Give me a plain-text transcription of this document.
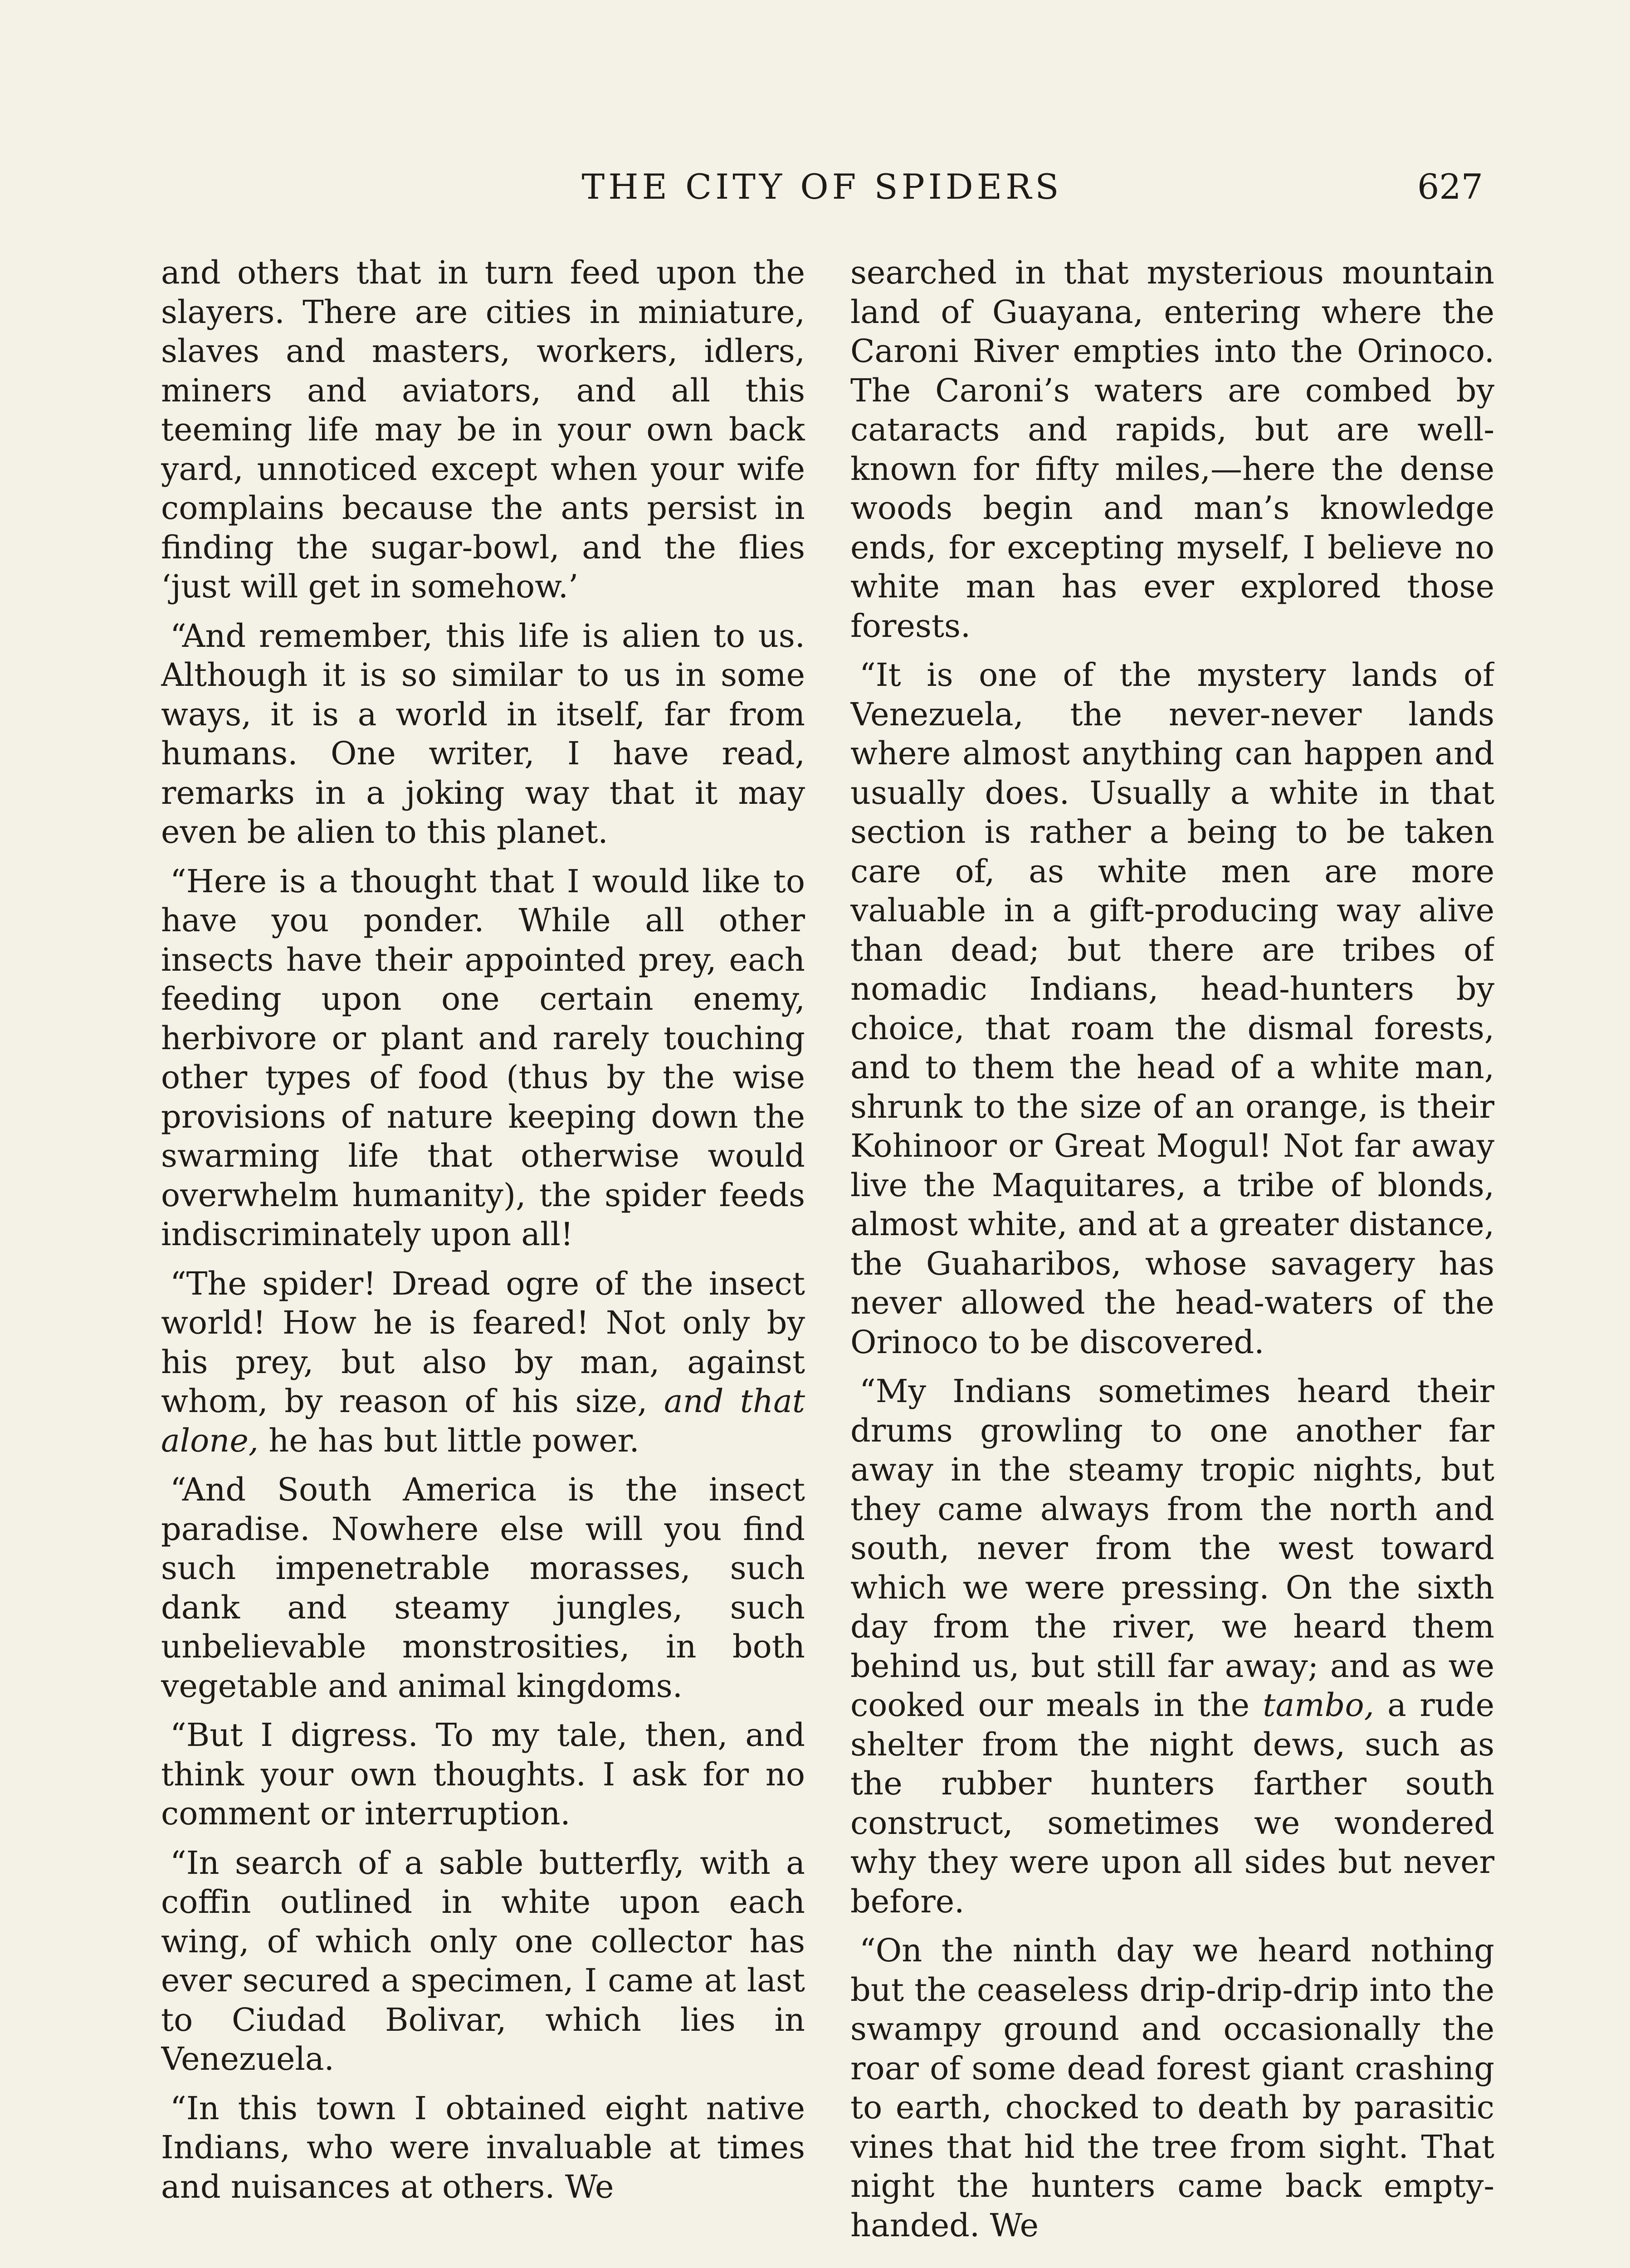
THE CITY OF SPIDERS	627

and others that in turn feed upon the slayers. There are cities in miniature, slaves and masters, workers, idlers, miners and aviators, and all this teeming life may be in your own back yard, unnoticed except when your wife complains because the ants persist in finding the sugar-bowl, and the flies ‘just will get in somehow.’

“And remember, this life is alien to us. Although it is so similar to us in some ways, it is a world in itself, far from humans. One writer, I have read, remarks in a joking way that it may even be alien to this planet.

“Here is a thought that I would like to have you ponder. While all other insects have their appointed prey, each feeding upon one certain enemy, herbivore or plant and rarely touching other types of food (thus by the wise provisions of nature keeping down the swarming life that otherwise would overwhelm humanity), the spider feeds indiscriminately upon all!

“The spider! Dread ogre of the insect world! How he is feared! Not only by his prey, but also by man, against whom, by reason of his size, and that alone, he has but little power.

“And South America is the insect paradise. Nowhere else will you find such impenetrable morasses, such dank and steamy jungles, such unbelievable monstrosities, in both vegetable and animal kingdoms.

“But I digress. To my tale, then, and think your own thoughts. I ask for no comment or interruption.

“In search of a sable butterfly, with a coffin outlined in white upon each wing, of which only one collector has ever secured a specimen, I came at last to Ciudad Bolivar, which lies in Venezuela.

“In this town I obtained eight native Indians, who were invaluable at times and nuisances at others. We

searched in that mysterious mountain land of Guayana, entering where the Caroni River empties into the Orinoco. The Caroni’s waters are combed by cataracts and rapids, but are well-known for fifty miles,—here the dense woods begin and man’s knowledge ends, for excepting myself, I believe no white man has ever explored those forests.

“It is one of the mystery lands of Venezuela, the never-never lands where almost anything can happen and usually does. Usually a white in that section is rather a being to be taken care of, as white men are more valuable in a gift-producing way alive than dead; but there are tribes of nomadic Indians, head-hunters by choice, that roam the dismal forests, and to them the head of a white man, shrunk to the size of an orange, is their Kohinoor or Great Mogul! Not far away live the Maquitares, a tribe of blonds, almost white, and at a greater distance, the Guaharibos, whose savagery has never allowed the head-waters of the Orinoco to be discovered.

“My Indians sometimes heard their drums growling to one another far away in the steamy tropic nights, but they came always from the north and south, never from the west toward which we were pressing. On the sixth day from the river, we heard them behind us, but still far away; and as we cooked our meals in the tambo, a rude shelter from the night dews, such as the rubber hunters farther south construct, sometimes we wondered why they were upon all sides but never before.

“On the ninth day we heard nothing but the ceaseless drip-drip-drip into the swampy ground and occasionally the roar of some dead forest giant crashing to earth, chocked to death by parasitic vines that hid the tree from sight. That night the hunters came back empty-handed. We
